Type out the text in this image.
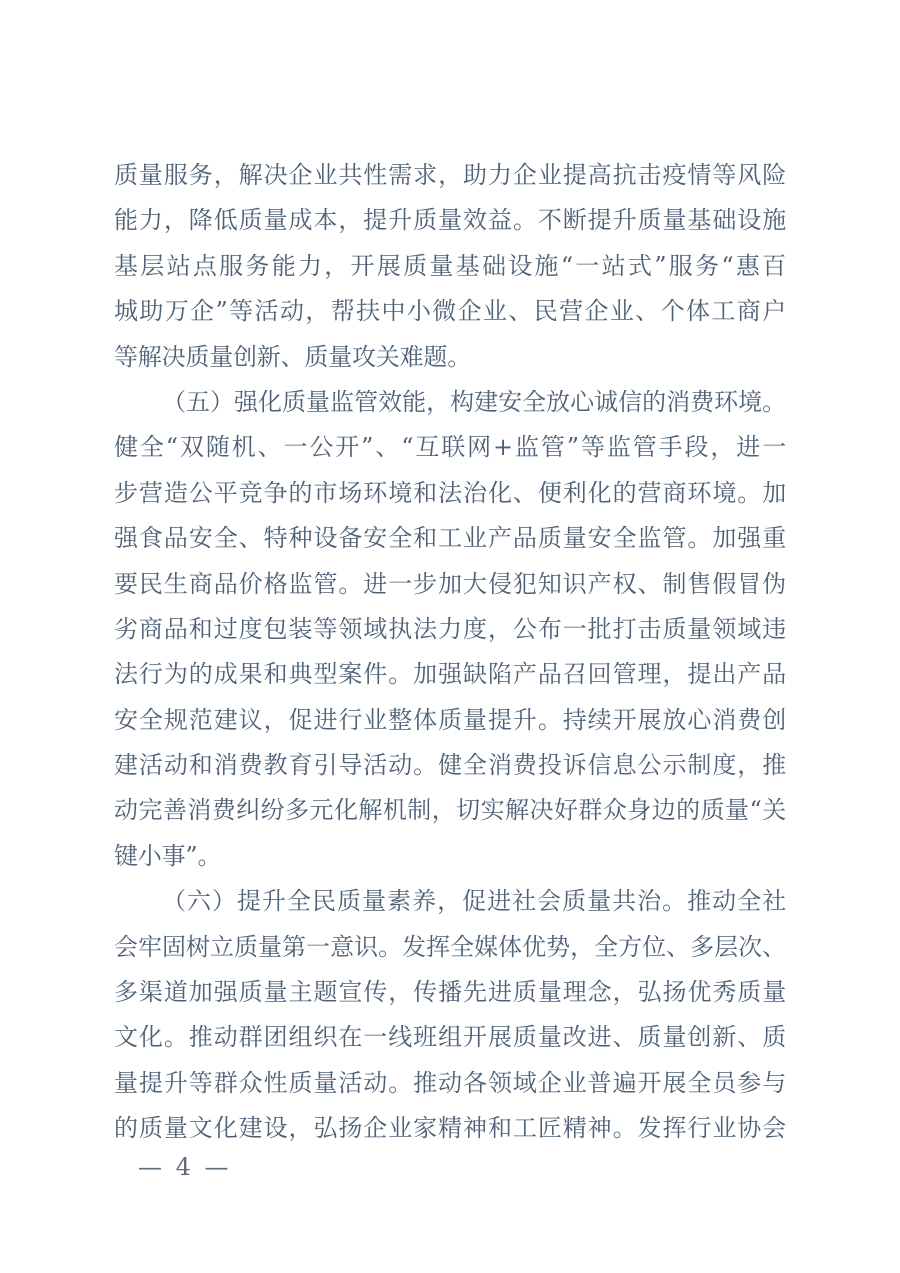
质量服务，解决企业共性需求，助力企业提高抗击疫情等风险
能力，降低质量成本，提升质量效益。不断提升质量基础设施
基层站点服务能力，开展质量基础设施“一站式”服务“惠百
城助万企”等活动，帮扶中小微企业、民营企业、个体工商户
等解决质量创新、质量攻关难题。
（五）强化质量监管效能，构建安全放心诚信的消费环境。
健全“双随机、一公开”、“互联网+监管”等监管手段，进一
步营造公平竞争的市场环境和法治化、便利化的营商环境。加
强食品安全、特种设备安全和工业产品质量安全监管。加强重
要民生商品价格监管。进一步加大侵犯知识产权、制售假冒伪
劣商品和过度包装等领域执法力度，公布一批打击质量领域违
法行为的成果和典型案件。加强缺陷产品召回管理，提出产品
安全规范建议，促进行业整体质量提升。持续开展放心消费创
建活动和消费教育引导活动。健全消费投诉信息公示制度，推
动完善消费纠纷多元化解机制，切实解决好群众身边的质量“关
键小事”。
（六）提升全民质量素养，促进社会质量共治。推动全社
会牢固树立质量第一意识。发挥全媒体优势，全方位、多层次、
多渠道加强质量主题宣传，传播先进质量理念，弘扬优秀质量
文化。推动群团组织在一线班组开展质量改进、质量创新、质
量提升等群众性质量活动。推动各领域企业普遍开展全员参与
的质量文化建设，弘扬企业家精神和工匠精神。发挥行业协会
— 4 —
